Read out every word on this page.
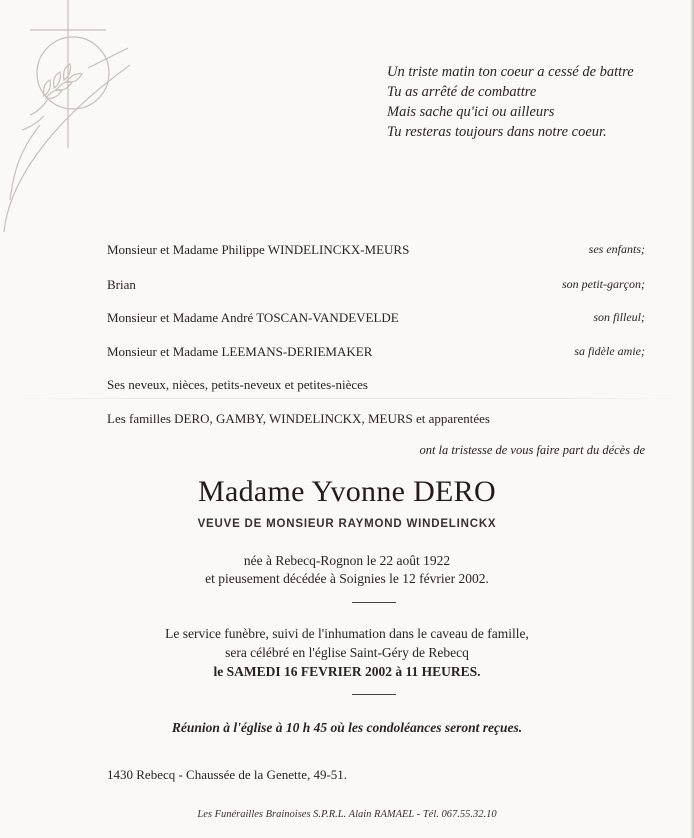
Un triste matin ton coeur a cessé de battre
Tu as arrêté de combattre
Mais sache qu'ici ou ailleurs
Tu resteras toujours dans notre coeur.
Monsieur et Madame Philippe WINDELINCKX-MEURS	ses enfants;
Brian	son petit-garçon;
Monsieur et Madame André TOSCAN-VANDEVELDE	son filleul;
Monsieur et Madame LEEMANS-DERIEMAKER	sa fidèle amie;
Ses neveux, nièces, petits-neveux et petites-nièces
Les familles DERO, GAMBY, WINDELINCKX, MEURS et apparentées
ont la tristesse de vous faire part du décès de
Madame Yvonne DERO
VEUVE DE MONSIEUR RAYMOND WINDELINCKX
née à Rebecq-Rognon le 22 août 1922
et pieusement décédée à Soignies le 12 février 2002.
Le service funèbre, suivi de l'inhumation dans le caveau de famille,
sera célébré en l'église Saint-Géry de Rebecq
le SAMEDI 16 FEVRIER 2002 à 11 HEURES.
Réunion à l'église à 10 h 45 où les condoléances seront reçues.
1430 Rebecq - Chaussée de la Genette, 49-51.
Les Funérailles Brainoises S.P.R.L. Alain RAMAEL - Tél. 067.55.32.10
